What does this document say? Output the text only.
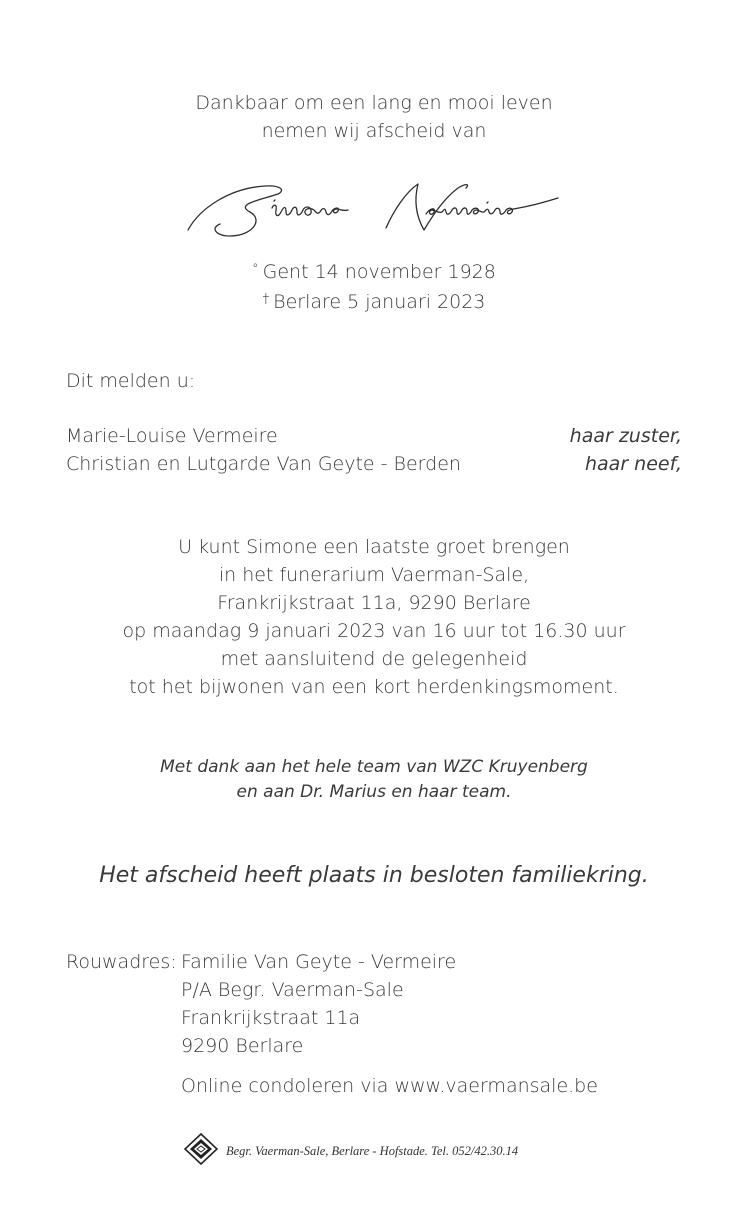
Dankbaar om een lang en mooi leven
nemen wij afscheid van
° Gent 14 november 1928
† Berlare 5 januari 2023
Dit melden u:
Marie-Louise Vermeire	haar zuster,
Christian en Lutgarde Van Geyte - Berden	haar neef,
U kunt Simone een laatste groet brengen
in het funerarium Vaerman-Sale,
Frankrijkstraat 11a, 9290 Berlare
op maandag 9 januari 2023 van 16 uur tot 16.30 uur
met aansluitend de gelegenheid
tot het bijwonen van een kort herdenkingsmoment.
Met dank aan het hele team van WZC Kruyenberg
en aan Dr. Marius en haar team.
Het afscheid heeft plaats in besloten familiekring.
Rouwadres: Familie Van Geyte - Vermeire
P/A Begr. Vaerman-Sale
Frankrijkstraat 11a
9290 Berlare
Online condoleren via www.vaermansale.be
Begr. Vaerman-Sale, Berlare - Hofstade. Tel. 052/42.30.14
